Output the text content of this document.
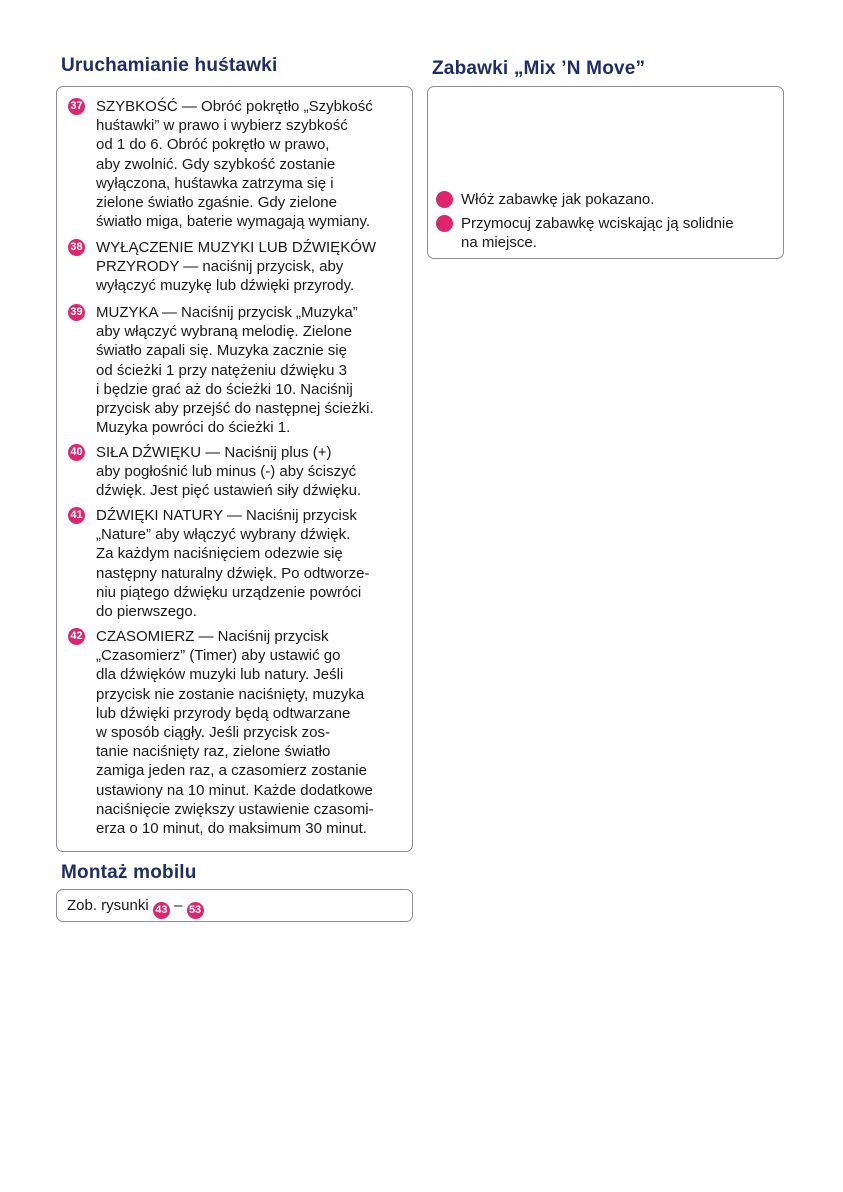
Uruchamianie huśtawki
37 SZYBKOŚĆ — Obróć pokrętło „Szybkość
huśtawki” w prawo i wybierz szybkość
od 1 do 6. Obróć pokrętło w prawo,
aby zwolnić. Gdy szybkość zostanie
wyłączona, huśtawka zatrzyma się i
zielone światło zgaśnie. Gdy zielone
światło miga, baterie wymagają wymiany.
38 WYŁĄCZENIE MUZYKI LUB DŹWIĘKÓW
PRZYRODY — naciśnij przycisk, aby
wyłączyć muzykę lub dźwięki przyrody.
39 MUZYKA — Naciśnij przycisk „Muzyka”
aby włączyć wybraną melodię. Zielone
światło zapali się. Muzyka zacznie się
od ścieżki 1 przy natężeniu dźwięku 3
i będzie grać aż do ścieżki 10. Naciśnij
przycisk aby przejść do następnej ścieżki.
Muzyka powróci do ścieżki 1.
40 SIŁA DŹWIĘKU — Naciśnij plus (+)
aby pogłośnić lub minus (-) aby ściszyć
dźwięk. Jest pięć ustawień siły dźwięku.
41 DŹWIĘKI NATURY — Naciśnij przycisk
„Nature” aby włączyć wybrany dźwięk.
Za każdym naciśnięciem odezwie się
następny naturalny dźwięk. Po odtworze-
niu piątego dźwięku urządzenie powróci
do pierwszego.
42 CZASOMIERZ — Naciśnij przycisk
„Czasomierz” (Timer) aby ustawić go
dla dźwięków muzyki lub natury. Jeśli
przycisk nie zostanie naciśnięty, muzyka
lub dźwięki przyrody będą odtwarzane
w sposób ciągły. Jeśli przycisk zos-
tanie naciśnięty raz, zielone światło
zamiga jeden raz, a czasomierz zostanie
ustawiony na 10 minut. Każde dodatkowe
naciśnięcie zwiększy ustawienie czasomi-
erza o 10 minut, do maksimum 30 minut.
Montaż mobilu
Zob. rysunki 43 – 53
Zabawki „Mix ’N Move”
Włóż zabawkę jak pokazano.
Przymocuj zabawkę wciskając ją solidnie
na miejsce.
